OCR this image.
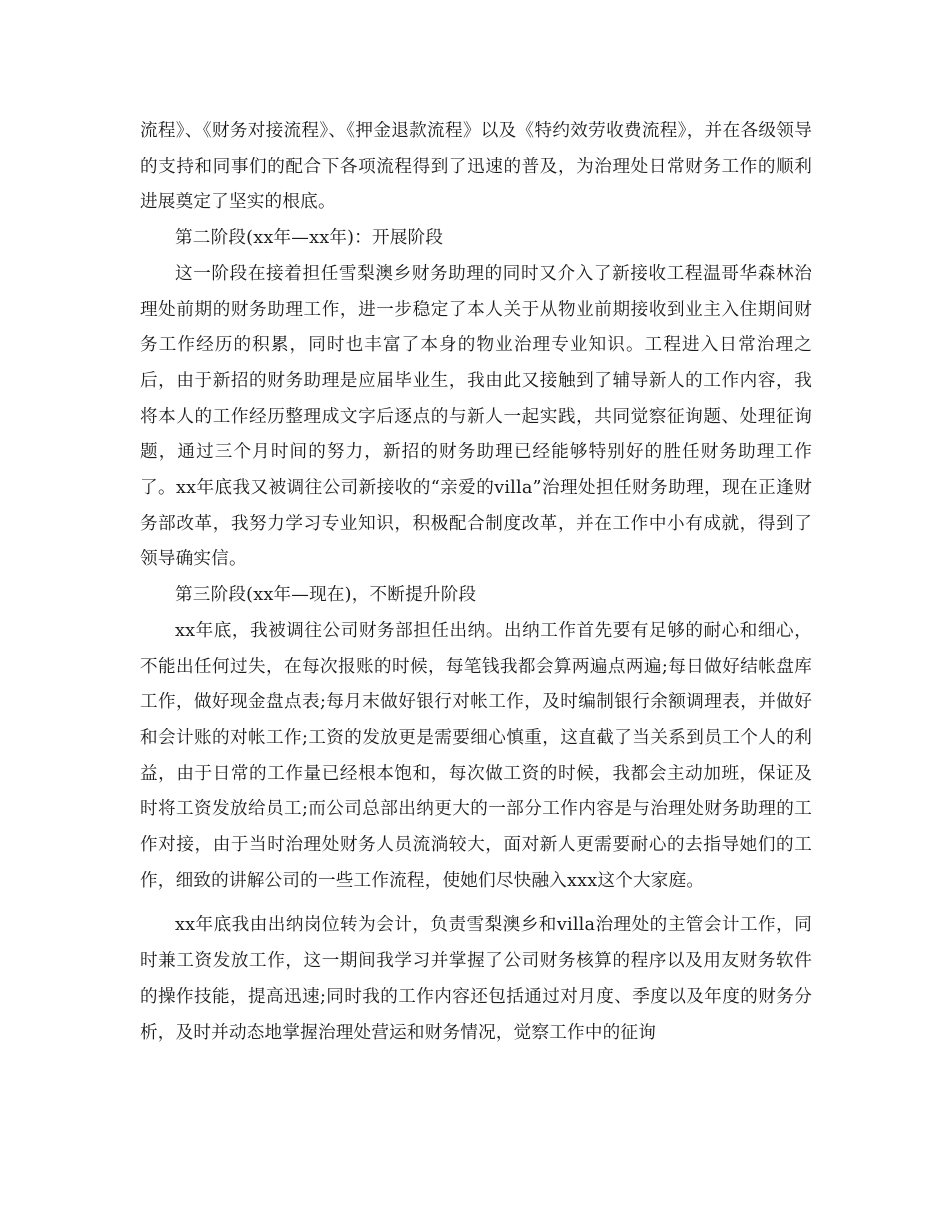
流程》、《财务对接流程》、《押金退款流程》以及《特约效劳收费流程》，并在各级领导的支持和同事们的配合下各项流程得到了迅速的普及，为治理处日常财务工作的顺利进展奠定了坚实的根底。

第二阶段(xx年—xx年)：开展阶段

这一阶段在接着担任雪梨澳乡财务助理的同时又介入了新接收工程温哥华森林治理处前期的财务助理工作，进一步稳定了本人关于从物业前期接收到业主入住期间财务工作经历的积累，同时也丰富了本身的物业治理专业知识。工程进入日常治理之后，由于新招的财务助理是应届毕业生，我由此又接触到了辅导新人的工作内容，我将本人的工作经历整理成文字后逐点的与新人一起实践，共同觉察征询题、处理征询题，通过三个月时间的努力，新招的财务助理已经能够特别好的胜任财务助理工作了。xx年底我又被调往公司新接收的“亲爱的villa”治理处担任财务助理，现在正逢财务部改革，我努力学习专业知识，积极配合制度改革，并在工作中小有成就，得到了领导确实信。

第三阶段(xx年—现在)，不断提升阶段

xx年底，我被调往公司财务部担任出纳。出纳工作首先要有足够的耐心和细心，不能出任何过失，在每次报账的时候，每笔钱我都会算两遍点两遍;每日做好结帐盘库工作，做好现金盘点表;每月末做好银行对帐工作，及时编制银行余额调理表，并做好和会计账的对帐工作;工资的发放更是需要细心慎重，这直截了当关系到员工个人的利益，由于日常的工作量已经根本饱和，每次做工资的时候，我都会主动加班，保证及时将工资发放给员工;而公司总部出纳更大的一部分工作内容是与治理处财务助理的工作对接，由于当时治理处财务人员流淌较大，面对新人更需要耐心的去指导她们的工作，细致的讲解公司的一些工作流程，使她们尽快融入xxx这个大家庭。

xx年底我由出纳岗位转为会计，负责雪梨澳乡和villa治理处的主管会计工作，同时兼工资发放工作，这一期间我学习并掌握了公司财务核算的程序以及用友财务软件的操作技能，提高迅速;同时我的工作内容还包括通过对月度、季度以及年度的财务分析，及时并动态地掌握治理处营运和财务情况，觉察工作中的征询
